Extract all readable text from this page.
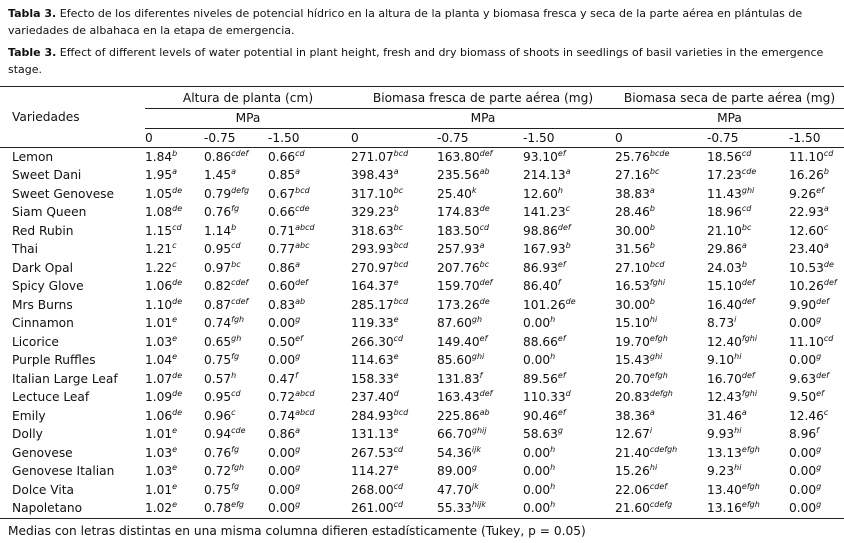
Tabla 3. Efecto de los diferentes niveles de potencial hídrico en la altura de la planta y biomasa fresca y seca de la parte aérea en plántulas de variedades de albahaca en la etapa de emergencia.
Table 3. Effect of different levels of water potential in plant height, fresh and dry biomass of shoots in seedlings of basil varieties in the emergence stage.

Variedades	Altura de planta (cm)			Biomasa fresca de parte aérea (mg)			Biomasa seca de parte aérea (mg)		
	MPa			MPa			MPa		
	0	-0.75	-1.50	0	-0.75	-1.50	0	-0.75	-1.50
Lemon	1.84$^b$	$0.86^{cdef}$	0.66$^{cd}$	271.07$^{bcd}$	163.80$^{def}$	93.10$^{ef}$	$25.76^{bcde}$	18.56$^{cd}$	11.10$^{cd}$
Sweet Dani	1.95$^a$	1.45$^a$	0.85$^a$	398.43$^a$	235.56$^{ab}$	214.13$^a$	27.16$^{bc}$	17.23$^{cde}$	16.26$^b$
Sweet Genovese	1.05de	$0.79^{defg}$	0.67$^{bcd}$	317.10$^{bc}$	25.40$^k$	12.60$^h$	38.83$^a$	$11.43^{ghi}$	9.26$^{ef}$
Siam Queen	1.08de	0.76$^{fg}$	0.66$^{cde}$	329.23$^b$	174.83de	141.23$^c$	28.46$^b$	18.96$^{cd}$	22.93$^a$
Red Rubin	1.15$^{cd}$	1.14$^b$	$0.71^{abcd}$	318.63$^{bc}$	183.50$^{cd}$	98.86$^{def}$	30.00$^b$	21.10$^{bc}$	12.60$^c$
Thai	1.21$^c$	0.95$^{cd}$	0.77$^{abc}$	293.93$^{bcd}$	257.93$^a$	167.93$^b$	31.56$^b$	29.86$^a$	23.40$^a$
Dark Opal	1.22$^c$	0.97$^{bc}$	0.86$^a$	270.97$^{bcd}$	207.76$^{bc}$	86.93$^{ef}$	27.10$^{bcd}$	24.03$^b$	10.53de
Spicy Glove	1.06de	$0.82^{cdef}$	0.60$^{def}$	164.37e	159.70$^{def}$	86.40$^f$	$16.53^{fghi}$	15.10$^{def}$	10.26$^{def}$
Mrs Burns	1.10de	$0.87^{cdef}$	0.83$^{ab}$	285.17$^{bcd}$	173.26de	101.26de	30.00$^b$	16.40$^{def}$	9.90$^{def}$
Cinnamon	1.01e	0.74$^{fgh}$	0.00$^g$	119.33e	87.60$^{gh}$	0.00$^h$	$15.10^{hi}$	8.73$^i$	0.00$^g$
Licorice	1.03e	0.65$^{gh}$	0.50$^{ef}$	266.30$^{cd}$	149.40$^{ef}$	88.66$^{ef}$	$19.70^{efgh}$	$12.40^{fghi}$	11.10$^{cd}$
Purple Ruffles	1.04e	0.75$^{fg}$	0.00$^g$	114.63e	$85.60^{ghi}$	0.00$^h$	$15.43^{ghi}$	$9.10^{hi}$	0.00$^g$
Italian Large Leaf	1.07de	0.57$^h$	0.47$^f$	158.33e	131.83$^f$	89.56$^{ef}$	$20.70^{efgh}$	16.70$^{def}$	9.63$^{def}$
Lectuce Leaf	1.09de	0.95$^{cd}$	$0.72^{abcd}$	237.40$^d$	163.43$^{def}$	110.33$^d$	$20.83^{defgh}$	$12.43^{fghi}$	9.50$^{ef}$
Emily	1.06de	0.96$^c$	$0.74^{abcd}$	284.93$^{bcd}$	225.86$^{ab}$	90.46$^{ef}$	38.36$^a$	31.46$^a$	12.46$^c$
Dolly	1.01e	0.94$^{cde}$	0.86$^a$	131.13e	$66.70^{ghij}$	58.63$^g$	12.67$^i$	$9.93^{hi}$	8.96$^f$
Genovese	1.03e	0.76$^{fg}$	0.00$^g$	267.53$^{cd}$	$54.36^{ijk}$	0.00$^h$	$21.40^{cdefgh}$	$13.13^{efgh}$	0.00$^g$
Genovese Italian	1.03e	0.72$^{fgh}$	0.00$^g$	114.27e	89.00$^g$	0.00$^h$	$15.26^{hi}$	$9.23^{hi}$	0.00$^g$
Dolce Vita	1.01e	0.75$^{fg}$	0.00$^g$	268.00$^{cd}$	$47.70^{jk}$	0.00$^h$	$22.06^{cdef}$	$13.40^{efgh}$	0.00$^g$
Napoletano	1.02e	0.78$^{efg}$	0.00$^g$	261.00$^{cd}$	$55.33^{hijk}$	0.00$^h$	$21.60^{cdefg}$	$13.16^{efgh}$	0.00$^g$

Medias con letras distintas en una misma columna difieren estadísticamente (Tukey, p = 0.05)
